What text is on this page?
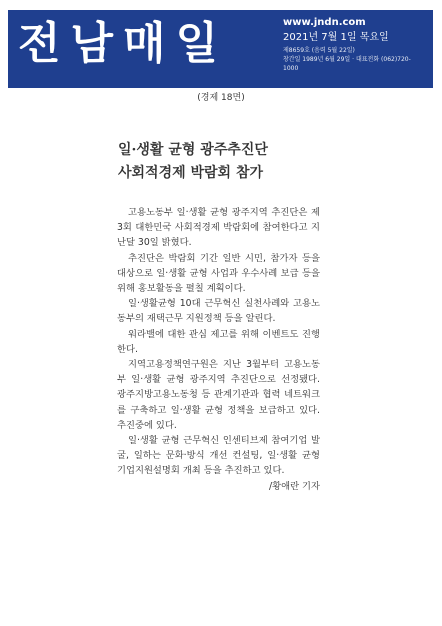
전남매일	www.jndn.com
2021년 7월 1일 목요일
제8659호 (음력 5월 22일)
창간일 1989년 6월 29일 · 대표전화 (062)720-1000
(경제 18면)
일·생활 균형 광주추진단
사회적경제 박람회 참가

고용노동부 일·생활 균형 광주지역 추진단은 제3회 대한민국 사회적경제 박람회에 참여한다고 지난달 30일 밝혔다.

추진단은 박람회 기간 일반 시민, 참가자 등을 대상으로 일·생활 균형 사업과 우수사례 보급 등을 위해 홍보활동을 펼칠 계획이다.

일·생활균형 10대 근무혁신 실천사례와 고용노동부의 재택근무 지원정책 등을 알린다.

워라밸에 대한 관심 제고를 위해 이벤트도 진행한다.

지역고용정책연구원은 지난 3월부터 고용노동부 일·생활 균형 광주지역 추진단으로 선정됐다. 광주지방고용노동청 등 관계기관과 협력 네트워크를 구축하고 일·생활 균형 정책을 보급하고 있다. 추진중에 있다.

일·생활 균형 근무혁신 인센티브제 참여기업 발굴, 일하는 문화·방식 개선 컨설팅, 일·생활 균형 기업지원설명회 개최 등을 추진하고 있다.
/황애란 기자
